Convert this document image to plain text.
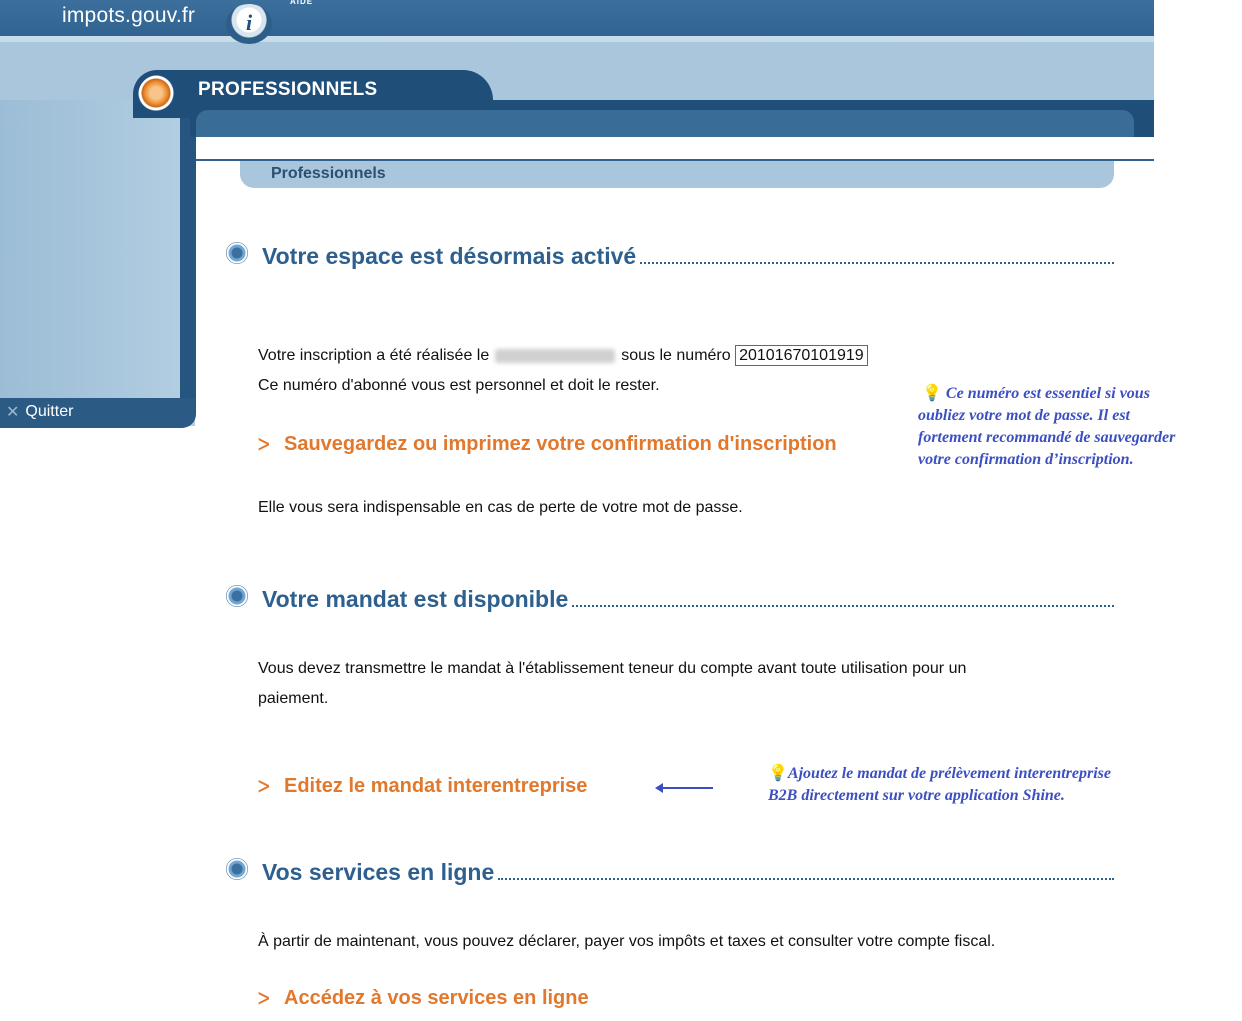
impots.gouv.fr i
AIDE
✕ Quitter
PROFESSIONNELS
Professionnels
Votre espace est désormais activé
Votre inscription a été réalisée le	sous le numéro 20101670101919
Ce numéro d'abonné vous est personnel et doit le rester.	💡 Ce numéro est essentiel si vous
oubliez votre mot de passe. Il est
fortement recommandé de sauvegarder
votre confirmation d’inscription.
ᐳ Sauvegardez ou imprimez votre confirmation d'inscription
Elle vous sera indispensable en cas de perte de votre mot de passe.
Votre mandat est disponible
Vous devez transmettre le mandat à l'établissement teneur du compte avant toute utilisation pour un
paiement.
ᐳ Editez le mandat interentreprise
💡Ajoutez le mandat de prélèvement interentreprise
B2B directement sur votre application Shine.
Vos services en ligne
À partir de maintenant, vous pouvez déclarer, payer vos impôts et taxes et consulter votre compte fiscal.
ᐳ Accédez à vos services en ligne
